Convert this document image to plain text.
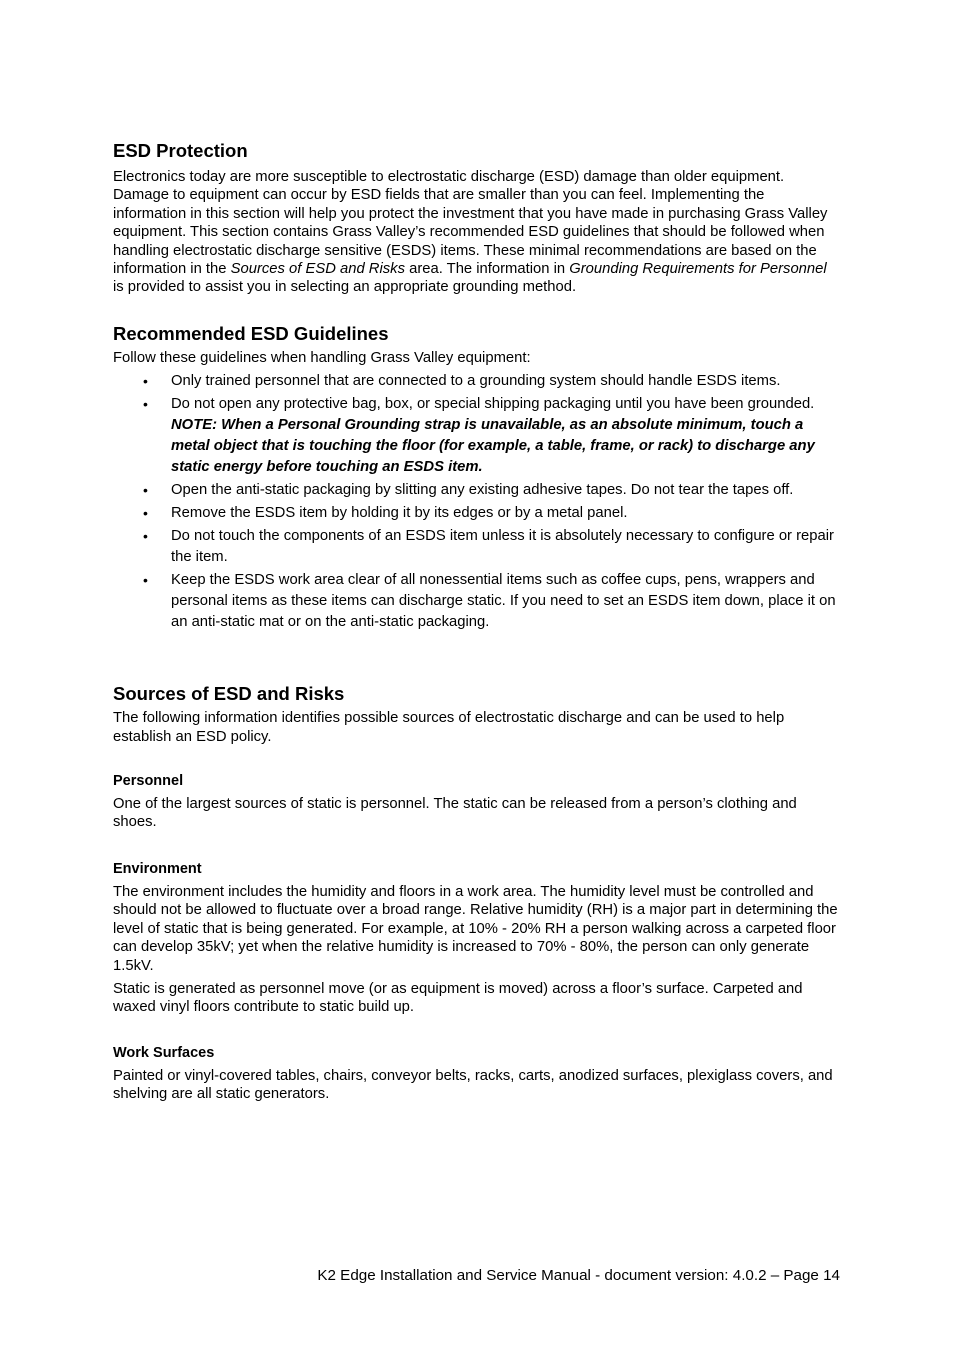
ESD Protection

Electronics today are more susceptible to electrostatic discharge (ESD) damage than older equipment. Damage to equipment can occur by ESD fields that are smaller than you can feel. Implementing the information in this section will help you protect the investment that you have made in purchasing Grass Valley equipment. This section contains Grass Valley’s recommended ESD guidelines that should be followed when handling electrostatic discharge sensitive (ESDS) items. These minimal recommendations are based on the information in the Sources of ESD and Risks area. The information in Grounding Requirements for Personnel is provided to assist you in selecting an appropriate grounding method.

Recommended ESD Guidelines

Follow these guidelines when handling Grass Valley equipment:

• Only trained personnel that are connected to a grounding system should handle ESDS items.
• Do not open any protective bag, box, or special shipping packaging until you have been grounded.
NOTE: When a Personal Grounding strap is unavailable, as an absolute minimum, touch a metal object that is touching the floor (for example, a table, frame, or rack) to discharge any static energy before touching an ESDS item.
• Open the anti-static packaging by slitting any existing adhesive tapes. Do not tear the tapes off.
• Remove the ESDS item by holding it by its edges or by a metal panel.
• Do not touch the components of an ESDS item unless it is absolutely necessary to configure or repair the item.
• Keep the ESDS work area clear of all nonessential items such as coffee cups, pens, wrappers and personal items as these items can discharge static. If you need to set an ESDS item down, place it on an anti-static mat or on the anti-static packaging.
Sources of ESD and Risks

The following information identifies possible sources of electrostatic discharge and can be used to help establish an ESD policy.

Personnel

One of the largest sources of static is personnel. The static can be released from a person’s clothing and shoes.

Environment

The environment includes the humidity and floors in a work area. The humidity level must be controlled and should not be allowed to fluctuate over a broad range. Relative humidity (RH) is a major part in determining the level of static that is being generated. For example, at 10% - 20% RH a person walking across a carpeted floor can develop 35kV; yet when the relative humidity is increased to 70% - 80%, the person can only generate 1.5kV.

Static is generated as personnel move (or as equipment is moved) across a floor’s surface. Carpeted and waxed vinyl floors contribute to static build up.

Work Surfaces

Painted or vinyl-covered tables, chairs, conveyor belts, racks, carts, anodized surfaces, plexiglass covers, and shelving are all static generators.

K2 Edge Installation and Service Manual - document version: 4.0.2 – Page 14
